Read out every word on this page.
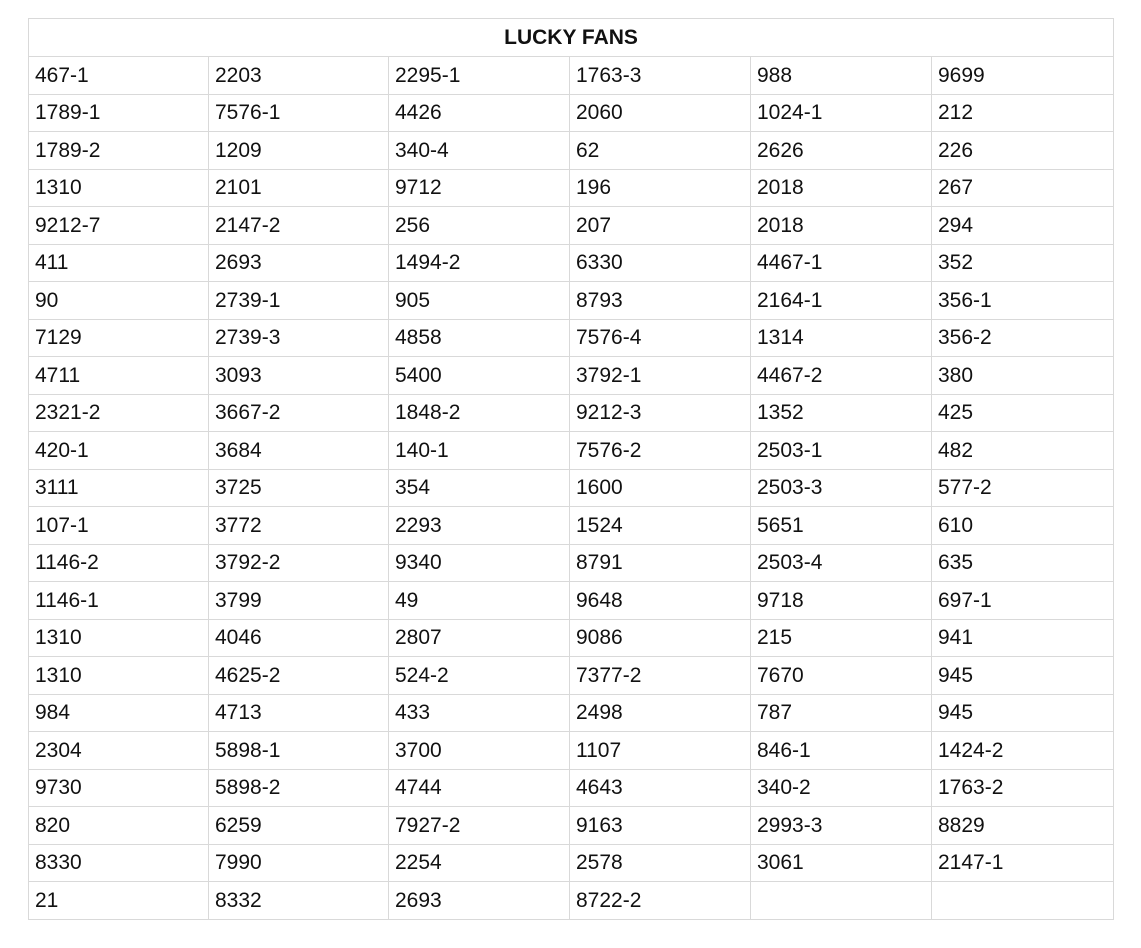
LUCKY FANS					
467-1	2203	2295-1	1763-3	988	9699
1789-1	7576-1	4426	2060	1024-1	212
1789-2	1209	340-4	62	2626	226
1310	2101	9712	196	2018	267
9212-7	2147-2	256	207	2018	294
411	2693	1494-2	6330	4467-1	352
90	2739-1	905	8793	2164-1	356-1
7129	2739-3	4858	7576-4	1314	356-2
4711	3093	5400	3792-1	4467-2	380
2321-2	3667-2	1848-2	9212-3	1352	425
420-1	3684	140-1	7576-2	2503-1	482
3111	3725	354	1600	2503-3	577-2
107-1	3772	2293	1524	5651	610
1146-2	3792-2	9340	8791	2503-4	635
1146-1	3799	49	9648	9718	697-1
1310	4046	2807	9086	215	941
1310	4625-2	524-2	7377-2	7670	945
984	4713	433	2498	787	945
2304	5898-1	3700	1107	846-1	1424-2
9730	5898-2	4744	4643	340-2	1763-2
820	6259	7927-2	9163	2993-3	8829
8330	7990	2254	2578	3061	2147-1
21	8332	2693	8722-2		
